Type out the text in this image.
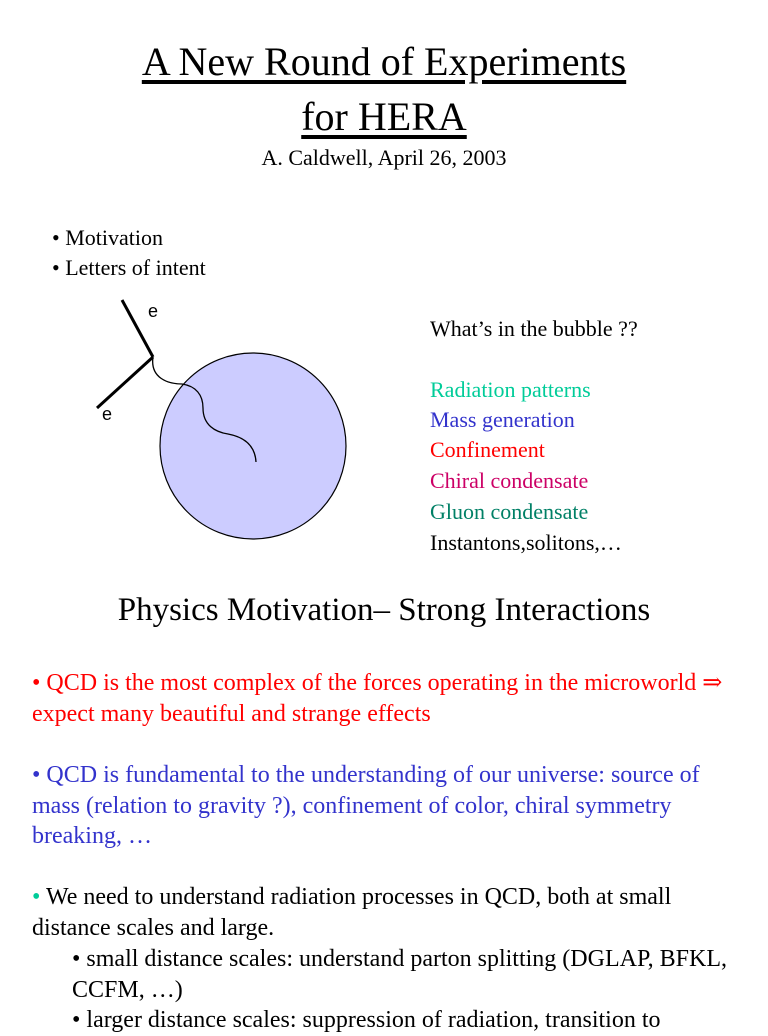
A New Round of Experiments
for HERA
A. Caldwell, April 26, 2003
• Motivation
• Letters of intent
e
e
What’s in the bubble ??
Radiation patterns
Mass generation
Confinement
Chiral condensate
Gluon condensate
Instantons,solitons,…
Physics Motivation– Strong Interactions
• QCD is the most complex of the forces operating in the microworld ⇒ expect many beautiful and strange effects
• QCD is fundamental to the understanding of our universe: source of mass (relation to gravity ?), confinement of color, chiral symmetry breaking, …
• We need to understand radiation processes in QCD, both at small distance scales and large.
• small distance scales: understand parton splitting (DGLAP, BFKL, CCFM, …)
• larger distance scales: suppression of radiation, transition to
